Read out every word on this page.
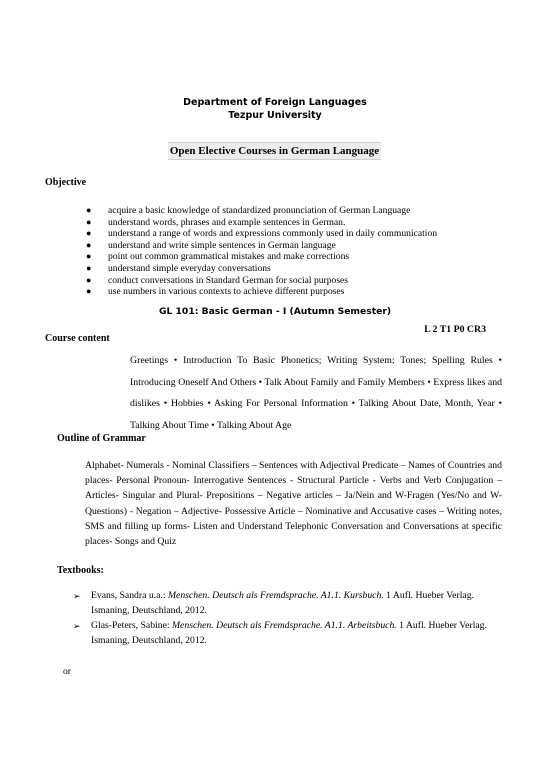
Department of Foreign Languages
Tezpur University
Open Elective Courses in German Language
Objective
● acquire a basic knowledge of standardized pronunciation of German Language
● understand words, phrases and example sentences in German.
● understand a range of words and expressions commonly used in daily communication
● understand and write simple sentences in German language
● point out common grammatical mistakes and make corrections
● understand simple everyday conversations
● conduct conversations in Standard German for social purposes
● use numbers in various contexts to achieve different purposes
GL 101: Basic German - I (Autumn Semester)
L 2 T1 P0 CR3
Course content
Greetings • Introduction To Basic Phonetics; Writing System; Tones; Spelling Rules • Introducing Oneself And Others • Talk About Family and Family Members • Express likes and dislikes • Hobbies • Asking For Personal Information • Talking About Date, Month, Year • Talking About Time • Talking About Age
Outline of Grammar
Alphabet- Numerals - Nominal Classifiers – Sentences with Adjectival Predicate – Names of Countries and places- Personal Pronoun- Interrogative Sentences - Structural Particle - Verbs and Verb Conjugation – Articles- Singular and Plural- Prepositions – Negative articles – Ja/Nein and W-Fragen (Yes/No and W- Questions) - Negation – Adjective- Possessive Article – Nominative and Accusative cases – Writing notes, SMS and filling up forms- Listen and Understand Telephonic Conversation and Conversations at specific places- Songs and Quiz
Textbooks:
➢	Evans, Sandra u.a.: Menschen. Deutsch als Fremdsprache. A1.1. Kursbuch. 1 Aufl. Hueber Verlag. Ismaning, Deutschland, 2012.
➢	Glas-Peters, Sabine: Menschen. Deutsch als Fremdsprache. A1.1. Arbeitsbuch. 1 Aufl. Hueber Verlag. Ismaning, Deutschland, 2012.
or
